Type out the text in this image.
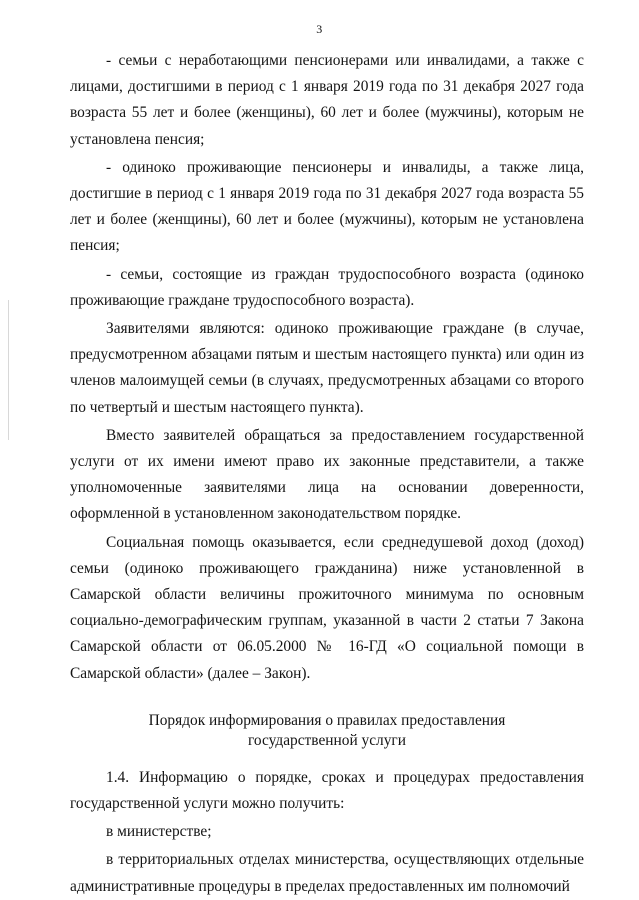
3

- семьи с неработающими пенсионерами или инвалидами, а также с лицами, достигшими в период с 1 января 2019 года по 31 декабря 2027 года возраста 55 лет и более (женщины), 60 лет и более (мужчины), которым не установлена пенсия;

- одиноко проживающие пенсионеры и инвалиды, а также лица, достигшие в период с 1 января 2019 года по 31 декабря 2027 года возраста 55 лет и более (женщины), 60 лет и более (мужчины), которым не установлена пенсия;

- семьи, состоящие из граждан трудоспособного возраста (одиноко проживающие граждане трудоспособного возраста).

Заявителями являются: одиноко проживающие граждане (в случае, предусмотренном абзацами пятым и шестым настоящего пункта) или один из членов малоимущей семьи (в случаях, предусмотренных абзацами со второго по четвертый и шестым настоящего пункта).

Вместо заявителей обращаться за предоставлением государственной услуги от их имени имеют право их законные представители, а также уполномоченные заявителями лица на основании доверенности, оформленной в установленном законодательством порядке.

Социальная помощь оказывается, если среднедушевой доход (доход) семьи (одиноко проживающего гражданина) ниже установленной в Самарской области величины прожиточного минимума по основным социально-демографическим группам, указанной в части 2 статьи 7 Закона Самарской области от 06.05.2000 № 16-ГД «О социальной помощи в Самарской области» (далее – Закон).

Порядок информирования о правилах предоставления
государственной услуги

1.4. Информацию о порядке, сроках и процедурах предоставления государственной услуги можно получить:

в министерстве;

в территориальных отделах министерства, осуществляющих отдельные административные процедуры в пределах предоставленных им полномочий
